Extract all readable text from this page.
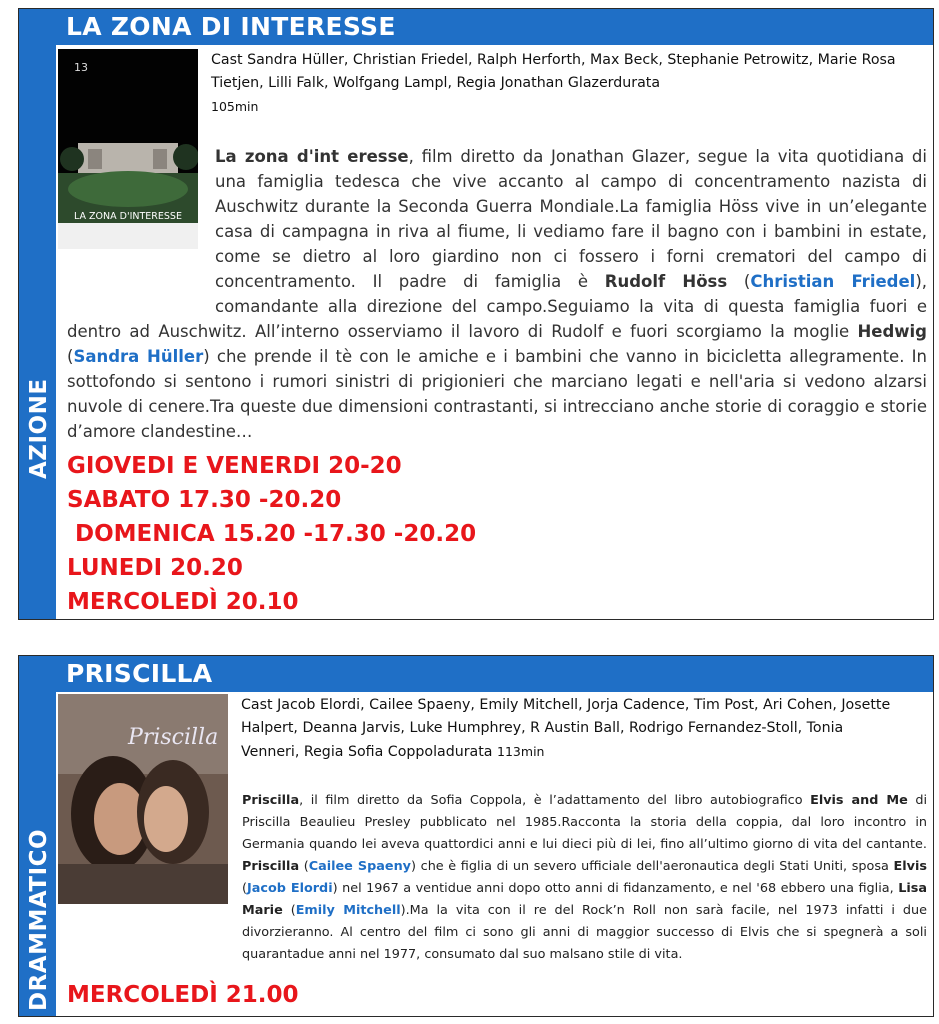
AZIONE
LA ZONA DI INTERESSE
13
LA ZONA D'INTERESSE
Cast Sandra Hüller, Christian Friedel, Ralph Herforth, Max Beck, Stephanie Petrowitz, Marie Rosa Tietjen, Lilli Falk, Wolfgang Lampl, Regia Jonathan Glazerdurata
105min
La zona d'int eresse, film diretto da Jonathan Glazer, segue la vita quotidiana di una famiglia tedesca che vive accanto al campo di concentramento nazista di Auschwitz durante la Seconda Guerra Mondiale.La famiglia Höss vive in un’elegante casa di campagna in riva al fiume, li vediamo fare il bagno con i bambini in estate, come se dietro al loro giardino non ci fossero i forni crematori del campo di concentramento. Il padre di famiglia è Rudolf Höss (Christian Friedel), comandante alla direzione del campo.Seguiamo la vita di questa famiglia fuori e dentro ad Auschwitz. All’interno osserviamo il lavoro di Rudolf e fuori scorgiamo la moglie Hedwig (Sandra Hüller) che prende il tè con le amiche e i bambini che vanno in bicicletta allegramente. In sottofondo si sentono i rumori sinistri di prigionieri che marciano legati e nell'aria si vedono alzarsi nuvole di cenere.Tra queste due dimensioni contrastanti, si intrecciano anche storie di coraggio e storie d’amore clandestine…
GIOVEDI E VENERDI 20-20
SABATO 17.30 -20.20
DOMENICA 15.20 -17.30 -20.20
LUNEDI 20.20
MERCOLEDÌ 20.10
DRAMMATICO
PRISCILLA
Priscilla
Cast Jacob Elordi, Cailee Spaeny, Emily Mitchell, Jorja Cadence, Tim Post, Ari Cohen, Josette Halpert, Deanna Jarvis, Luke Humphrey, R Austin Ball, Rodrigo Fernandez-Stoll, Tonia Venneri, Regia Sofia Coppoladurata 113min
Priscilla, il film diretto da Sofia Coppola, è l’adattamento del libro autobiografico Elvis and Me di Priscilla Beaulieu Presley pubblicato nel 1985.Racconta la storia della coppia, dal loro incontro in Germania quando lei aveva quattordici anni e lui dieci più di lei, fino all’ultimo giorno di vita del cantante. Priscilla (Cailee Spaeny) che è figlia di un severo ufficiale dell'aeronautica degli Stati Uniti, sposa Elvis (Jacob Elordi) nel 1967 a ventidue anni dopo otto anni di fidanzamento, e nel '68 ebbero una figlia, Lisa Marie (Emily Mitchell).Ma la vita con il re del Rock’n Roll non sarà facile, nel 1973 infatti i due divorzieranno. Al centro del film ci sono gli anni di maggior successo di Elvis che si spegnerà a soli quarantadue anni nel 1977, consumato dal suo malsano stile di vita.
MERCOLEDÌ 21.00
